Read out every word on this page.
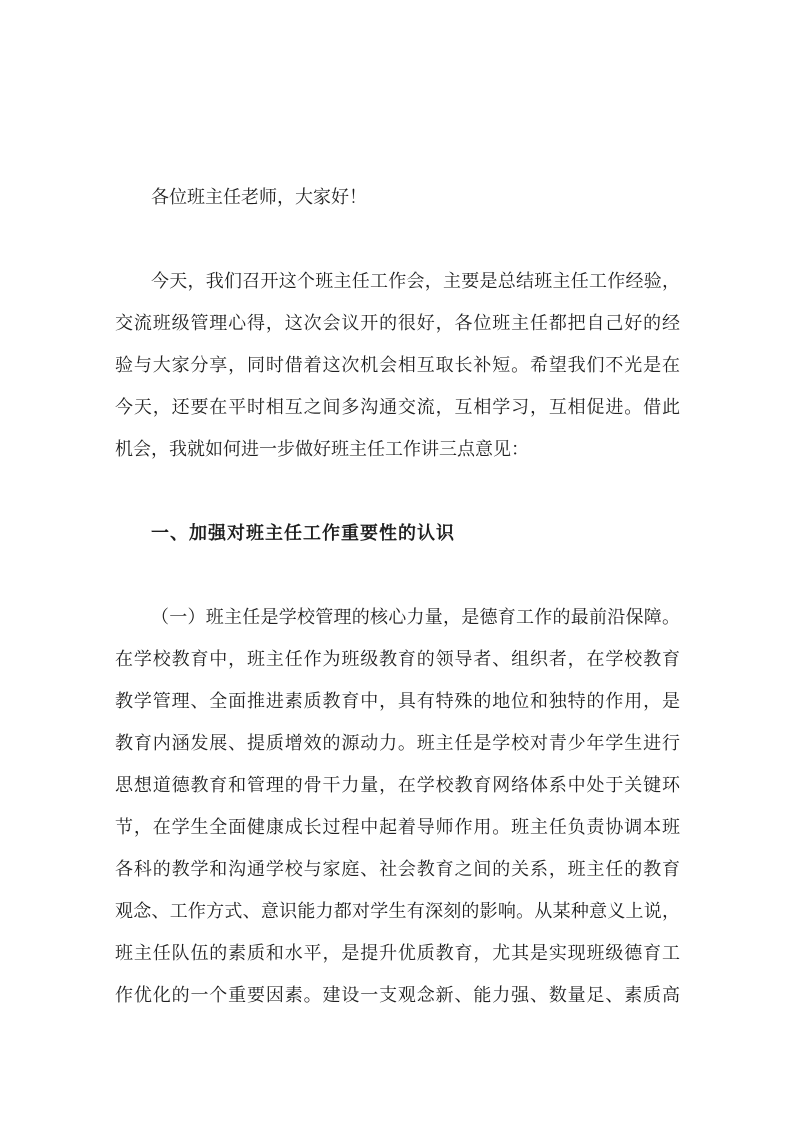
各位班主任老师，大家好！
今天，我们召开这个班主任工作会，主要是总结班主任工作经验，
交流班级管理心得，这次会议开的很好，各位班主任都把自己好的经
验与大家分享，同时借着这次机会相互取长补短。希望我们不光是在
今天，还要在平时相互之间多沟通交流，互相学习，互相促进。借此
机会，我就如何进一步做好班主任工作讲三点意见：
一、加强对班主任工作重要性的认识
（一）班主任是学校管理的核心力量，是德育工作的最前沿保障。
在学校教育中，班主任作为班级教育的领导者、组织者，在学校教育
教学管理、全面推进素质教育中，具有特殊的地位和独特的作用，是
教育内涵发展、提质增效的源动力。班主任是学校对青少年学生进行
思想道德教育和管理的骨干力量，在学校教育网络体系中处于关键环
节，在学生全面健康成长过程中起着导师作用。班主任负责协调本班
各科的教学和沟通学校与家庭、社会教育之间的关系，班主任的教育
观念、工作方式、意识能力都对学生有深刻的影响。从某种意义上说，
班主任队伍的素质和水平，是提升优质教育，尤其是实现班级德育工
作优化的一个重要因素。建设一支观念新、能力强、数量足、素质高
